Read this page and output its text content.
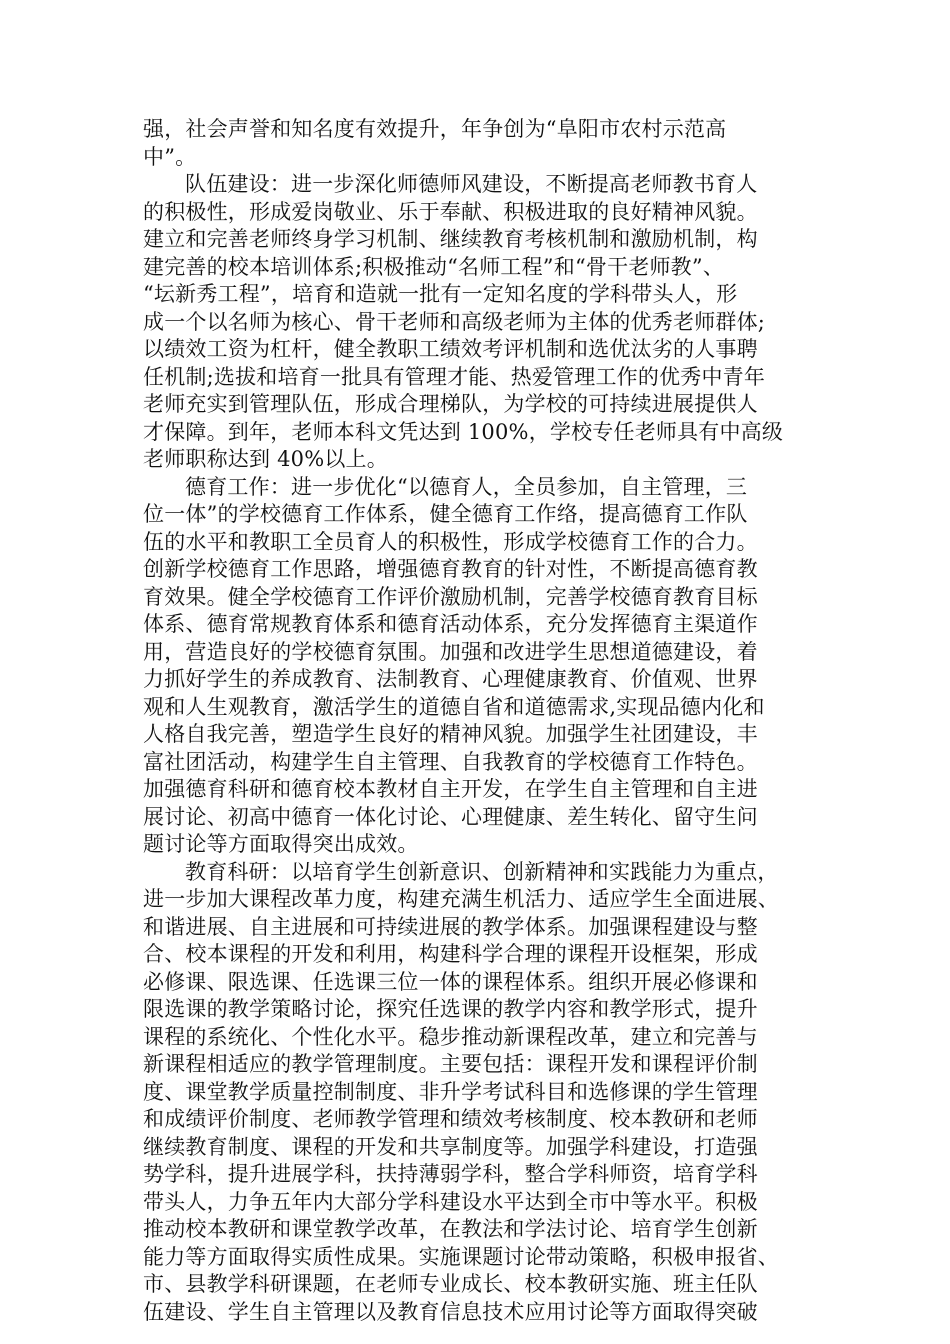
强，社会声誉和知名度有效提升，年争创为“阜阳市农村示范高
中”。
队伍建设：进一步深化师德师风建设，不断提高老师教书育人
的积极性，形成爱岗敬业、乐于奉献、积极进取的良好精神风貌。
建立和完善老师终身学习机制、继续教育考核机制和激励机制，构
建完善的校本培训体系;积极推动“名师工程”和“骨干老师教”、
“坛新秀工程”，培育和造就一批有一定知名度的学科带头人，形
成一个以名师为核心、骨干老师和高级老师为主体的优秀老师群体;
以绩效工资为杠杆，健全教职工绩效考评机制和选优汰劣的人事聘
任机制;选拔和培育一批具有管理才能、热爱管理工作的优秀中青年
老师充实到管理队伍，形成合理梯队，为学校的可持续进展提供人
才保障。到年，老师本科文凭达到 100%，学校专任老师具有中高级
老师职称达到 40%以上。
德育工作：进一步优化“以德育人，全员参加，自主管理，三
位一体”的学校德育工作体系，健全德育工作络，提高德育工作队
伍的水平和教职工全员育人的积极性，形成学校德育工作的合力。
创新学校德育工作思路，增强德育教育的针对性，不断提高德育教
育效果。健全学校德育工作评价激励机制，完善学校德育教育目标
体系、德育常规教育体系和德育活动体系，充分发挥德育主渠道作
用，营造良好的学校德育氛围。加强和改进学生思想道德建设，着
力抓好学生的养成教育、法制教育、心理健康教育、价值观、世界
观和人生观教育，激活学生的道德自省和道德需求,实现品德内化和
人格自我完善，塑造学生良好的精神风貌。加强学生社团建设，丰
富社团活动，构建学生自主管理、自我教育的学校德育工作特色。
加强德育科研和德育校本教材自主开发，在学生自主管理和自主进
展讨论、初高中德育一体化讨论、心理健康、差生转化、留守生问
题讨论等方面取得突出成效。
教育科研：以培育学生创新意识、创新精神和实践能力为重点，
进一步加大课程改革力度，构建充满生机活力、适应学生全面进展、
和谐进展、自主进展和可持续进展的教学体系。加强课程建设与整
合、校本课程的开发和利用，构建科学合理的课程开设框架，形成
必修课、限选课、任选课三位一体的课程体系。组织开展必修课和
限选课的教学策略讨论，探究任选课的教学内容和教学形式，提升
课程的系统化、个性化水平。稳步推动新课程改革，建立和完善与
新课程相适应的教学管理制度。主要包括：课程开发和课程评价制
度、课堂教学质量控制制度、非升学考试科目和选修课的学生管理
和成绩评价制度、老师教学管理和绩效考核制度、校本教研和老师
继续教育制度、课程的开发和共享制度等。加强学科建设，打造强
势学科，提升进展学科，扶持薄弱学科，整合学科师资，培育学科
带头人，力争五年内大部分学科建设水平达到全市中等水平。积极
推动校本教研和课堂教学改革，在教法和学法讨论、培育学生创新
能力等方面取得实质性成果。实施课题讨论带动策略，积极申报省、
市、县教学科研课题，在老师专业成长、校本教研实施、班主任队
伍建设、学生自主管理以及教育信息技术应用讨论等方面取得突破
